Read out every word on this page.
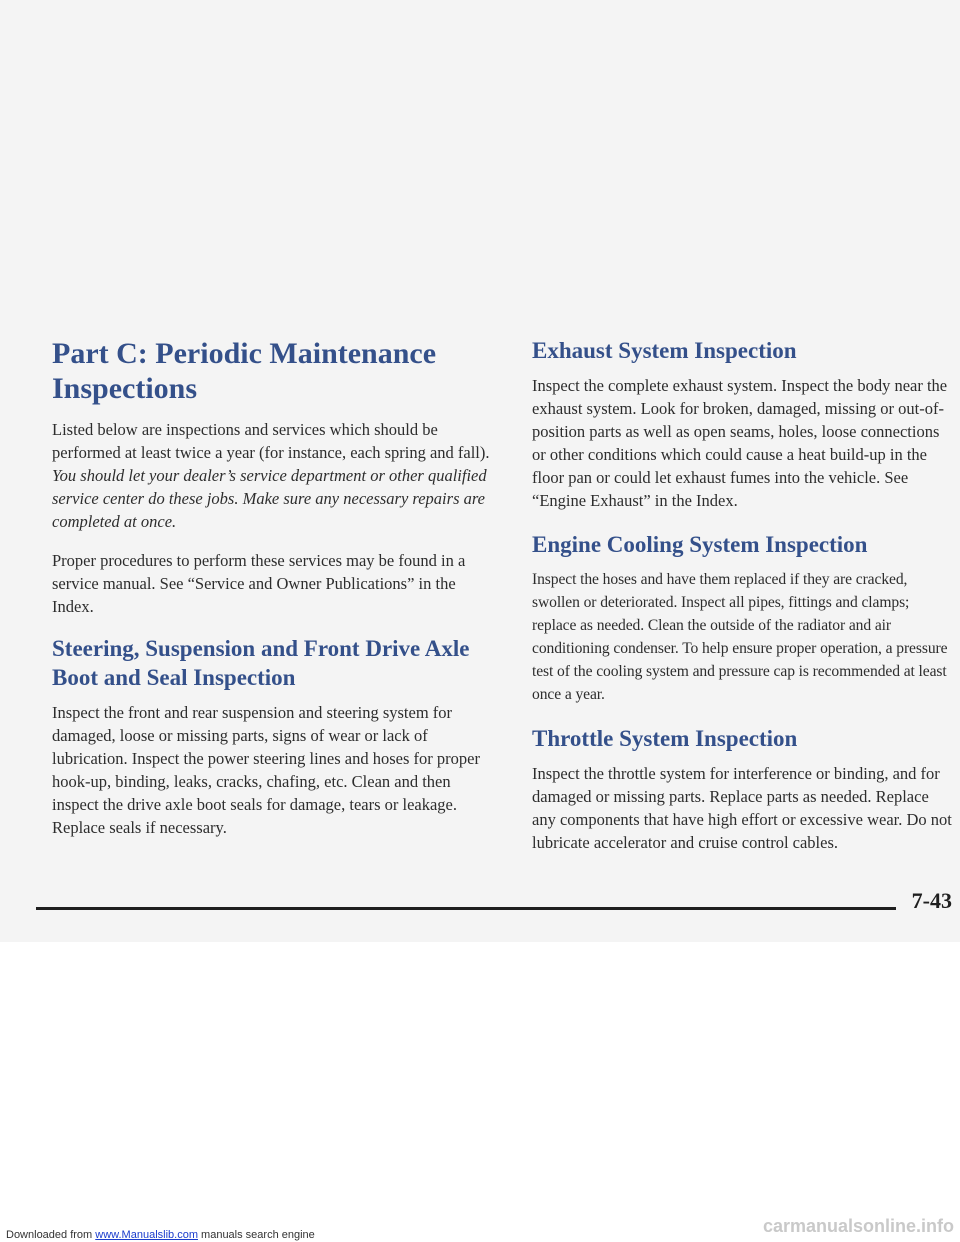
Part C: Periodic Maintenance Inspections

Listed below are inspections and services which should be performed at least twice a year (for instance, each spring and fall). You should let your dealer’s service department or other qualified service center do these jobs. Make sure any necessary repairs are completed at once.

Proper procedures to perform these services may be found in a service manual. See “Service and Owner Publications” in the Index.

Steering, Suspension and Front Drive Axle Boot and Seal Inspection

Inspect the front and rear suspension and steering system for damaged, loose or missing parts, signs of wear or lack of lubrication. Inspect the power steering lines and hoses for proper hook-up, binding, leaks, cracks, chafing, etc. Clean and then inspect the drive axle boot seals for damage, tears or leakage. Replace seals if necessary.

Exhaust System Inspection

Inspect the complete exhaust system. Inspect the body near the exhaust system. Look for broken, damaged, missing or out-of-position parts as well as open seams, holes, loose connections or other conditions which could cause a heat build-up in the floor pan or could let exhaust fumes into the vehicle. See “Engine Exhaust” in the Index.

Engine Cooling System Inspection

Inspect the hoses and have them replaced if they are cracked, swollen or deteriorated. Inspect all pipes, fittings and clamps; replace as needed. Clean the outside of the radiator and air conditioning condenser. To help ensure proper operation, a pressure test of the cooling system and pressure cap is recommended at least once a year.

Throttle System Inspection

Inspect the throttle system for interference or binding, and for damaged or missing parts. Replace parts as needed. Replace any components that have high effort or excessive wear. Do not lubricate accelerator and cruise control cables.

7-43
carmanualsonline.info
Downloaded from www.Manualslib.com manuals search engine
